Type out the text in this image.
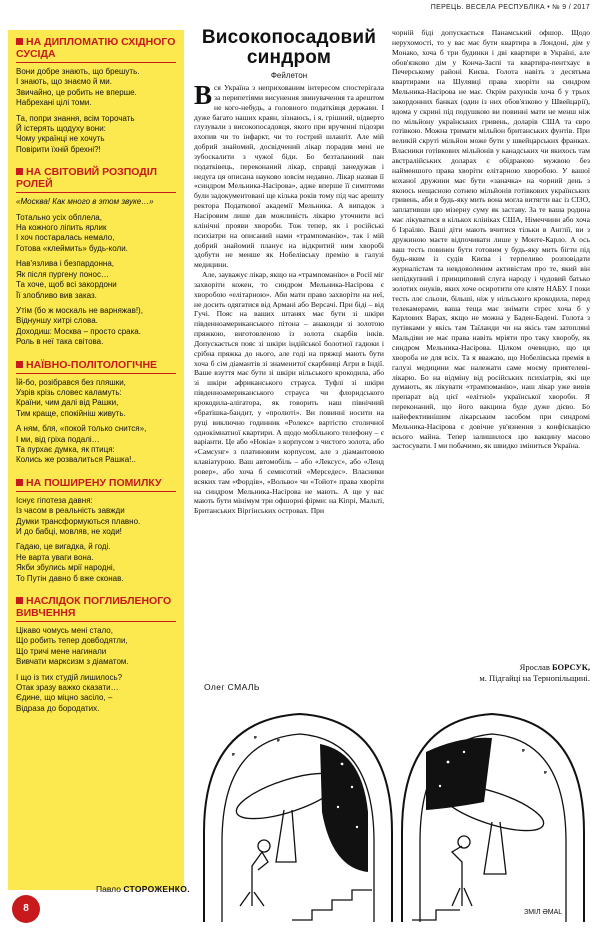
ПЕРЕЦЬ. ВЕСЕЛА РЕСПУБЛІКА • № 9 / 2017
НА ДИПЛОМАТІЮ СХІДНОГО СУСІДА

Вони добре знають, що брешуть.
І знають, що знаємо й ми.
Звичайно, це робить не вперше.
Набрехані цілі томи.

Та, попри знання, всім торочать
Й істерять щодуху вони:
Чому українці не хочуть
Повірити їхній брехні?!

НА СВІТОВИЙ РОЗПОДІЛ РОЛЕЙ

«Москва! Как много в этом звуке…»

Тотально усіх обплела,
На кожного ліпить ярлик
І хоч постаралась немало,
Готова «клеймить» будь-коли.

Нав'язлива і безпардонна,
Як після пургену понос…
Та хоче, щоб всі закордони
Її злобливо вив заказ.

Утім (бо ж москаль не варняжав!),
Віднуншу хитрі слова.
Доходиш: Москва – просто срака.
Роль в неї така світова.

НАЇВНО-ПОЛІТОЛОГІЧНЕ

Їй-бо, розібрався без пляшки,
Узрів крізь словес каламуть:
Країни, чим далі від Рашки,
Тим краще, спокійніш живуть.

А ням, бля, «покой только снится»,
І ми, від гріха подалі…
Та пурхає думка, як птиця:
Колись же розвалиться Рашка!..

НА ПОШИРЕНУ ПОМИЛКУ

Існує гіпотеза давня:
Із часом в реальність завжди
Думки трансформуються плавно.
И до бабці, мовляв, не ходи!

Гадаю, це вигадка, й годі.
Не варта уваги вона.
Якби збулись мрії народні,
То Путін давно б вже сконав.

НАСЛІДОК ПОГЛИБЛЕНОГО ВИВЧЕННЯ

Цікаво чомусь мені стало,
Що робить тепер довбодятли,
Що тричі мене нагинали
Вивчати марксизм з діаматом.

І що із тих студій лишилось?
Отак зразу важко сказати…
Єдине, що міцно засіло, –
Відраза до бородатих.

Павло СТОРОЖЕНКО.
8
Високопосадовий синдром
Фейлетон

Вся Україна з неприхованим інтересом спостерігала за перипетіями висунення звинувачення та арештом не кого-небудь, а головного податківця держави. І дуже багато наших краян, зізнаюсь, і я, грішний, відверто глузували з високопосадовця, якого при врученні підозри вхопив чи то інфаркт, чи то гострий шланґіт. Але мій добрий знайомий, досвідчений лікар порадив мені не зубоскалити з чужої біди. Бо безталанний пан податківець, переконаний лікар, справді занедужав і недуга ця описана науково зовсім недавно. Лікар назвав її «синдром Мельника-Насірова», адже вперше її симптоми були задокументовані ще кілька років тому під час арешту ректора Податкової академії Мельника. А випадок з Насіровим лише дав можливість лікарю уточнити всі клінічні прояви хвороби. Тож тепер, як і російські психіатри на описаний нами «трампоманію», так і мій добрий знайомий планує на відкритий ним хворобі здобути не менше як Нобелівську премію в галузі медицини.

Але, зауважує лікар, якщо на «трампоманію» в Росії міг захворіти кожен, то синдром Мельника-Насірова є хворобою «елітарною». Аби мати право захворіти на неї, не досить одягатися від Армані або Версачі. При біді – від Гучі. Пояс на ваших штанях має бути зі шкіри південноамериканського пітона – анаконди зі золотою пряжкою, виготовленою із золота скарбів інків. Допускається пояс зі шкіри індійської болотної гадюки і срібна пряжка до нього, але годі на пряжці мають бути хоча б сім діамантів зі знаменитої скарбниці Агри в Індії. Ваше взуття має бути зі шкіри нільського крокодила, або зі шкіри африканського страуса. Туфлі зі шкіри південноамериканського страуса чи флоридського крокодила-алігатора, як говорить наш північний «братішка-бандит, у «пролюті». Ви повинні носити на руці виключно годинник «Ролекс» вартістю столичної однокімнатної квартири. А щодо мобільного телефону – є варіанти. Це або «Нокіа» з корпусом з чистого золота, або «Самсунг» з платиновим корпусом, але з діамантовою клавіатурою. Ваш автомобіль – або «Лексус», або «Ленд ровер», або хоча б семисотий «Мерседес». Власники всяких там «Фордів», «Вольво» чи «Тойот» права хворіти на синдром Мельника-Насірова не мають. А ще у вас мають бути мінімум три офшорні фірми: на Кіпрі, Мальті, Британських Віргінських островах. При

чорній біді допускається Панамський офшор. Щодо нерухомості, то у вас має бути квартира в Лондоні, дім у Монако, хоча б три будинки і дві квартири в Україні, але обов'язково дім у Конча-Заспі та квартира-пентхаус в Печерському районі Києва. Голота навіть з десятьма квартирами на Шулявці права хворіти на синдром Мельника-Насірова не має. Окрім рахунків хоча б у трьох закордонних банках (один із них обов'язково у Швейцарії), вдома у скрині під подушкою ви повинні мати не менш ніж по мільйону українських гривень, доларів США та євро готівкою. Можна тримати мільйон британських фунтів. При великій скруті мільйон може бути у швейцарських франках. Власники готівкових мільйонів у канадських чи якихось там австралійських доларах є обідраною мужвою без найменшого права хворіти елітарною хворобою. У вашої коханої дружини має бути «заначка» на чорний день з якоюсь нещасною сотнею мільйонів готівкових українських гривень, аби в будь-яку мить вона могла витягти вас із СІЗО, заплативши цю мізерну суму як заставу. За те ваша родина має лікуватися в кількох клініках США, Німеччини або хоча б Ізраїлю. Ваші діти мають вчитися тільки в Англії, ви з дружиною маєте відпочивати лише у Монте-Карло. А ось ваш тесть повинен бути готовим у будь-яку мить бігти під будь-яким із судів Києва і терпеливо розповідати журналістам та невдоволеним активістам про те, який він непідкупний і принциповий слуга народу і чудовий батько золотих онуків, яких хоче осиротити оте кляте НАБУ. І поки тесть ллє сльози, більші, ніж у нільського крокодила, перед телекамерами, ваша теща має знімати стрес хоча б у Карлових Варах, якщо не можна у Баден-Бадені. Голота з путівками у якісь там Таїланди чи на якісь там затопляні Мальдіви не має права навіть мріяти про таку хворобу, як синдром Мельника-Насірова. Цілком очевидно, що ця хвороба не для всіх. Та я вважаю, що Нобелівська премія в галузі медицини має належати саме моєму приятелеві-лікарю. Бо на відміну від російських психіатрів, які ще думають, як лікувати «трампоманію», наш лікар уже вивів препарат від цієї «елітної» української хвороби. Я переконаний, що його вакцина буде дуже дієво. Бо найефективнішим лікарським засобом при синдромі Мельника-Насірова є довічне ув'язнення з конфіскацією всього майна. Тепер залишилося цю вакцину масово застосувати. І ми побачимо, як швидко зміниться Україна.

Ярослав БОРСУК,
м. Підгайці на Тернопільщині.
Олег СМАЛЬ
ЗМІЛ ӘМАL
